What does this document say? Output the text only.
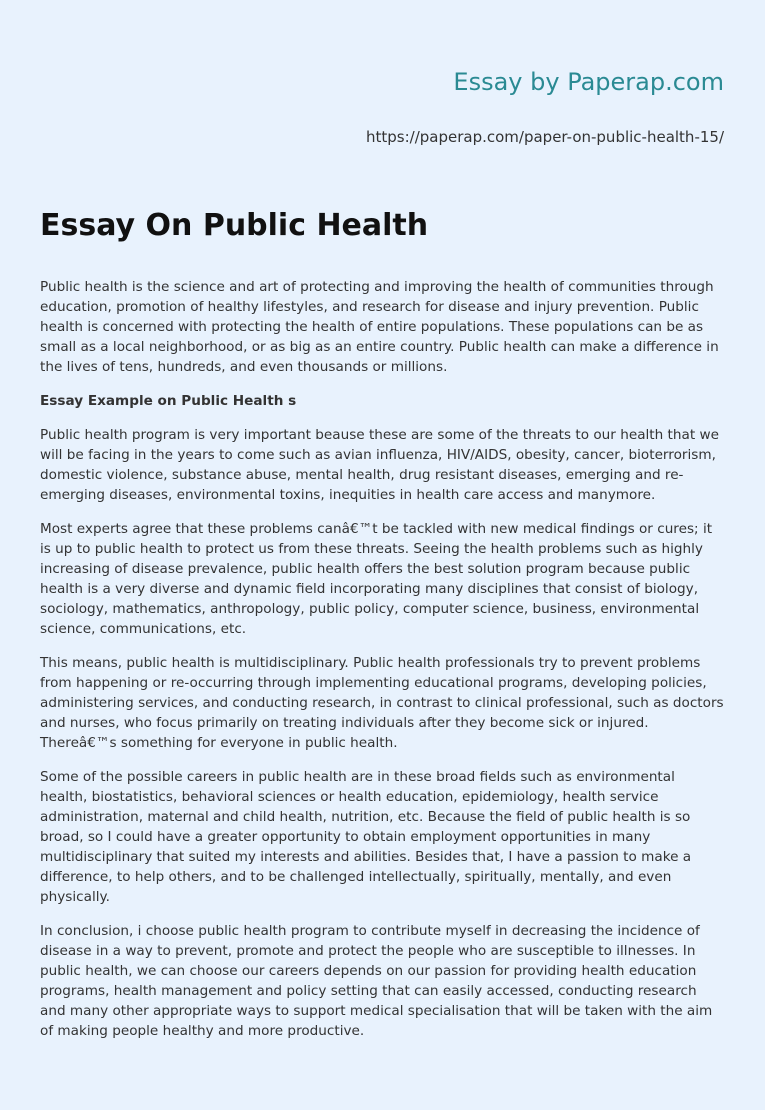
Essay by Paperap.com
https://paperap.com/paper-on-public-health-15/
Essay On Public Health

Public health is the science and art of protecting and improving the health of communities through education, promotion of healthy lifestyles, and research for disease and injury prevention. Public health is concerned with protecting the health of entire populations. These populations can be as small as a local neighborhood, or as big as an entire country. Public health can make a difference in the lives of tens, hundreds, and even thousands or millions.

Essay Example on Public Health s

Public health program is very important beause these are some of the threats to our health that we will be facing in the years to come such as avian influenza, HIV/AIDS, obesity, cancer, bioterrorism, domestic violence, substance abuse, mental health, drug resistant diseases, emerging and re-emerging diseases, environmental toxins, inequities in health care access and manymore.

Most experts agree that these problems canâ€™t be tackled with new medical findings or cures; it is up to public health to protect us from these threats. Seeing the health problems such as highly increasing of disease prevalence, public health offers the best solution program because public health is a very diverse and dynamic field incorporating many disciplines that consist of biology, sociology, mathematics, anthropology, public policy, computer science, business, environmental science, communications, etc.

This means, public health is multidisciplinary. Public health professionals try to prevent problems from happening or re-occurring through implementing educational programs, developing policies, administering services, and conducting research, in contrast to clinical professional, such as doctors and nurses, who focus primarily on treating individuals after they become sick or injured. Thereâ€™s something for everyone in public health.

Some of the possible careers in public health are in these broad fields such as environmental health, biostatistics, behavioral sciences or health education, epidemiology, health service administration, maternal and child health, nutrition, etc. Because the field of public health is so broad, so I could have a greater opportunity to obtain employment opportunities in many multidisciplinary that suited my interests and abilities. Besides that, I have a passion to make a difference, to help others, and to be challenged intellectually, spiritually, mentally, and even physically.

In conclusion, i choose public health program to contribute myself in decreasing the incidence of disease in a way to prevent, promote and protect the people who are susceptible to illnesses. In public health, we can choose our careers depends on our passion for providing health education programs, health management and policy setting that can easily accessed, conducting research and many other appropriate ways to support medical specialisation that will be taken with the aim of making people healthy and more productive.
